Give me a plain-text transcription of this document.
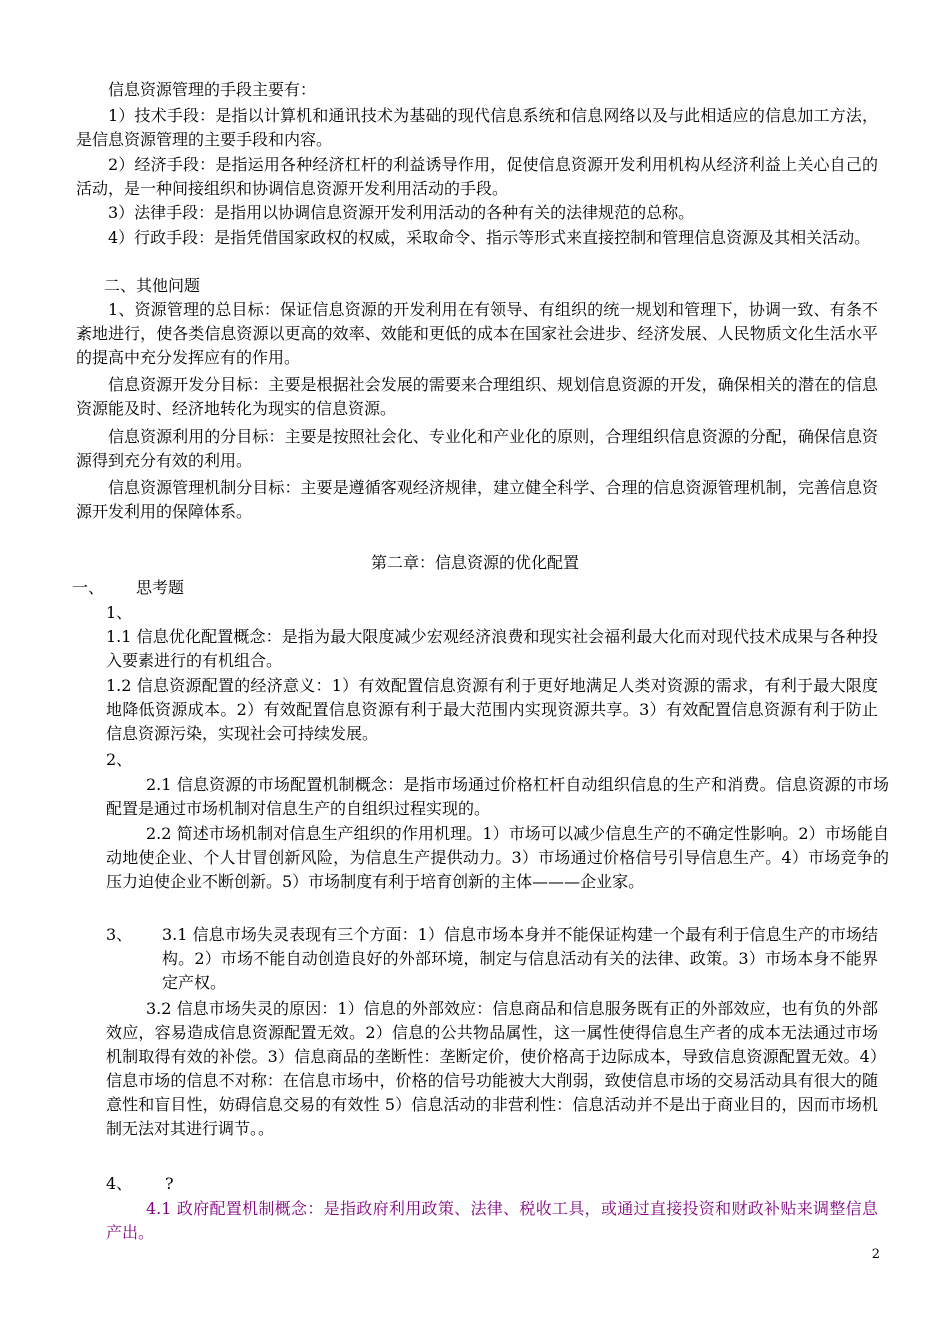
信息资源管理的手段主要有：
1）技术手段：是指以计算机和通讯技术为基础的现代信息系统和信息网络以及与此相适应的信息加工方法，是信息资源管理的主要手段和内容。
2）经济手段：是指运用各种经济杠杆的利益诱导作用，促使信息资源开发利用机构从经济利益上关心自己的活动，是一种间接组织和协调信息资源开发利用活动的手段。
3）法律手段：是指用以协调信息资源开发利用活动的各种有关的法律规范的总称。
4）行政手段：是指凭借国家政权的权威，采取命令、指示等形式来直接控制和管理信息资源及其相关活动。
二、其他问题
1、资源管理的总目标：保证信息资源的开发利用在有领导、有组织的统一规划和管理下，协调一致、有条不紊地进行，使各类信息资源以更高的效率、效能和更低的成本在国家社会进步、经济发展、人民物质文化生活水平的提高中充分发挥应有的作用。
信息资源开发分目标：主要是根据社会发展的需要来合理组织、规划信息资源的开发，确保相关的潜在的信息资源能及时、经济地转化为现实的信息资源。
信息资源利用的分目标：主要是按照社会化、专业化和产业化的原则，合理组织信息资源的分配，确保信息资源得到充分有效的利用。
信息资源管理机制分目标：主要是遵循客观经济规律，建立健全科学、合理的信息资源管理机制，完善信息资源开发利用的保障体系。
第二章：信息资源的优化配置
一、 思考题
1、
1.1 信息优化配置概念：是指为最大限度减少宏观经济浪费和现实社会福利最大化而对现代技术成果与各种投入要素进行的有机组合。
1.2 信息资源配置的经济意义：1）有效配置信息资源有利于更好地满足人类对资源的需求，有利于最大限度地降低资源成本。2）有效配置信息资源有利于最大范围内实现资源共享。3）有效配置信息资源有利于防止信息资源污染，实现社会可持续发展。
2、
2.1 信息资源的市场配置机制概念：是指市场通过价格杠杆自动组织信息的生产和消费。信息资源的市场配置是通过市场机制对信息生产的自组织过程实现的。
2.2 简述市场机制对信息生产组织的作用机理。1）市场可以减少信息生产的不确定性影响。2）市场能自动地使企业、个人甘冒创新风险，为信息生产提供动力。3）市场通过价格信号引导信息生产。4）市场竞争的压力迫使企业不断创新。5）市场制度有利于培育创新的主体———企业家。
3、 3.1 信息市场失灵表现有三个方面：1）信息市场本身并不能保证构建一个最有利于信息生产的市场结构。2）市场不能自动创造良好的外部环境，制定与信息活动有关的法律、政策。3）市场本身不能界定产权。
3.2 信息市场失灵的原因：1）信息的外部效应：信息商品和信息服务既有正的外部效应，也有负的外部效应，容易造成信息资源配置无效。2）信息的公共物品属性，这一属性使得信息生产者的成本无法通过市场机制取得有效的补偿。3）信息商品的垄断性：垄断定价，使价格高于边际成本，导致信息资源配置无效。4）信息市场的信息不对称：在信息市场中，价格的信号功能被大大削弱，致使信息市场的交易活动具有很大的随意性和盲目性，妨碍信息交易的有效性 5）信息活动的非营利性：信息活动并不是出于商业目的，因而市场机制无法对其进行调节。。
4、 ?
4.1 政府配置机制概念：是指政府利用政策、法律、税收工具，或通过直接投资和财政补贴来调整信息产出。
2
